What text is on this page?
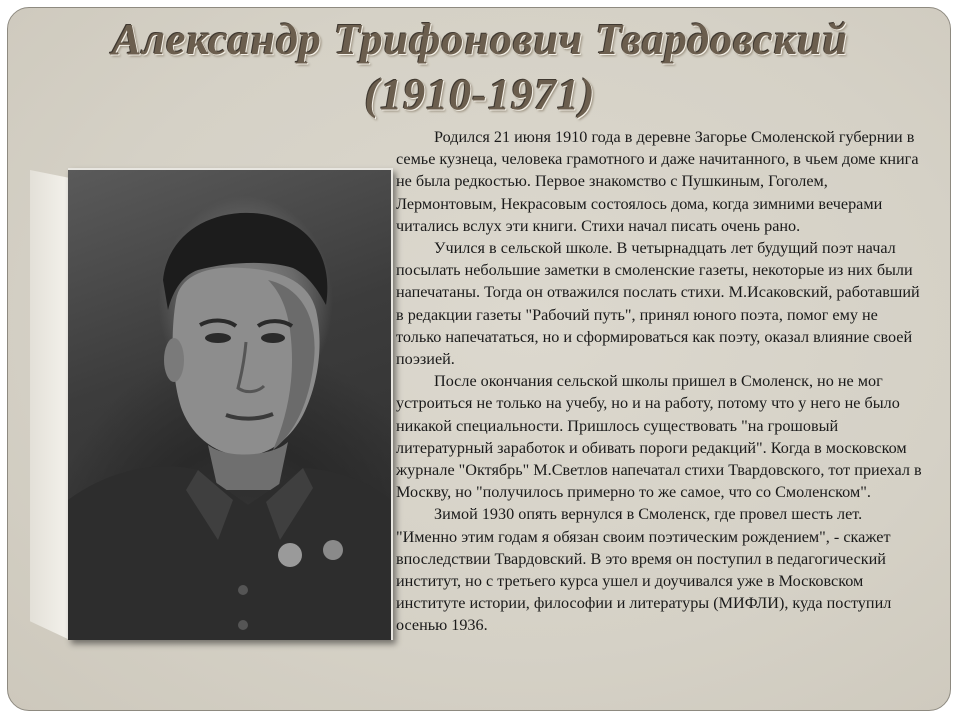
Александр Трифонович Твардовский
(1910-1971)

Родился 21 июня 1910 года в деревне Загорье Смоленской губернии в семье кузнеца, человека грамотного и даже начитанного, в чьем доме книга не была редкостью. Первое знакомство с Пушкиным, Гоголем, Лермонтовым, Некрасовым состоялось дома, когда зимними вечерами читались вслух эти книги. Стихи начал писать очень рано.

Учился в сельской школе. В четырнадцать лет будущий поэт начал посылать небольшие заметки в смоленские газеты, некоторые из них были напечатаны. Тогда он отважился послать стихи. М.Исаковский, работавший в редакции газеты "Рабочий путь", принял юного поэта, помог ему не только напечататься, но и сформироваться как поэту, оказал влияние своей поэзией.

После окончания сельской школы пришел в Смоленск, но не мог устроиться не только на учебу, но и на работу, потому что у него не было никакой специальности. Пришлось существовать "на грошовый литературный заработок и обивать пороги редакций". Когда в московском журнале "Октябрь" М.Светлов напечатал стихи Твардовского, тот приехал в Москву, но "получилось примерно то же самое, что со Смоленском".

Зимой 1930 опять вернулся в Смоленск, где провел шесть лет. "Именно этим годам я обязан своим поэтическим рождением", - скажет впоследствии Твардовский. В это время он поступил в педагогический институт, но с третьего курса ушел и доучивался уже в Московском институте истории, философии и литературы (МИФЛИ), куда поступил осенью 1936.
